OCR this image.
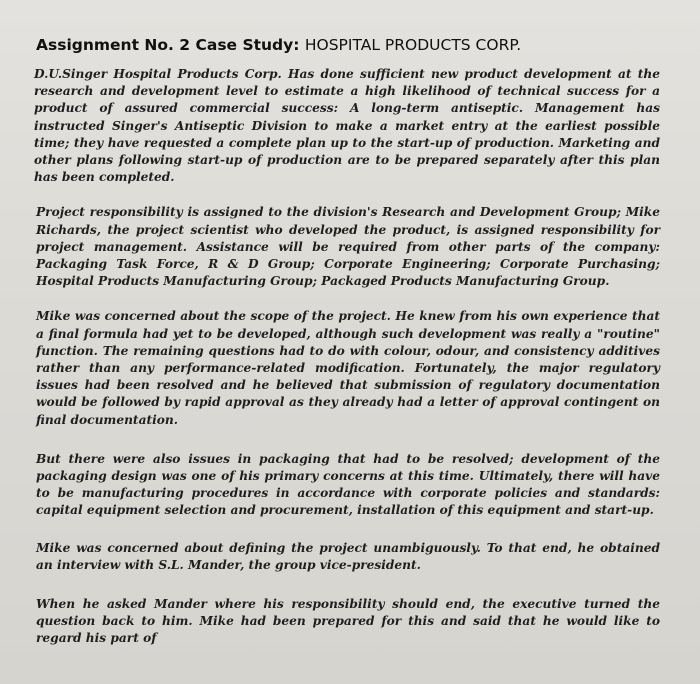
Assignment No. 2 Case Study: HOSPITAL PRODUCTS CORP.

D.U.Singer Hospital Products Corp. Has done sufficient new product development at the research and development level to estimate a high likelihood of technical success for a product of assured commercial success: A long-term antiseptic. Management has instructed Singer's Antiseptic Division to make a market entry at the earliest possible time; they have requested a complete plan up to the start-up of production. Marketing and other plans following start-up of production are to be prepared separately after this plan has been completed.

Project responsibility is assigned to the division's Research and Development Group; Mike Richards, the project scientist who developed the product, is assigned responsibility for project management. Assistance will be required from other parts of the company: Packaging Task Force, R & D Group; Corporate Engineering; Corporate Purchasing; Hospital Products Manufacturing Group; Packaged Products Manufacturing Group.

Mike was concerned about the scope of the project. He knew from his own experience that a final formula had yet to be developed, although such development was really a "routine" function. The remaining questions had to do with colour, odour, and consistency additives rather than any performance-related modification. Fortunately, the major regulatory issues had been resolved and he believed that submission of regulatory documentation would be followed by rapid approval as they already had a letter of approval contingent on final documentation.

But there were also issues in packaging that had to be resolved; development of the packaging design was one of his primary concerns at this time. Ultimately, there will have to be manufacturing procedures in accordance with corporate policies and standards: capital equipment selection and procurement, installation of this equipment and start-up.

Mike was concerned about defining the project unambiguously. To that end, he obtained an interview with S.L. Mander, the group vice-president.

When he asked Mander where his responsibility should end, the executive turned the question back to him. Mike had been prepared for this and said that he would like to regard his part of
